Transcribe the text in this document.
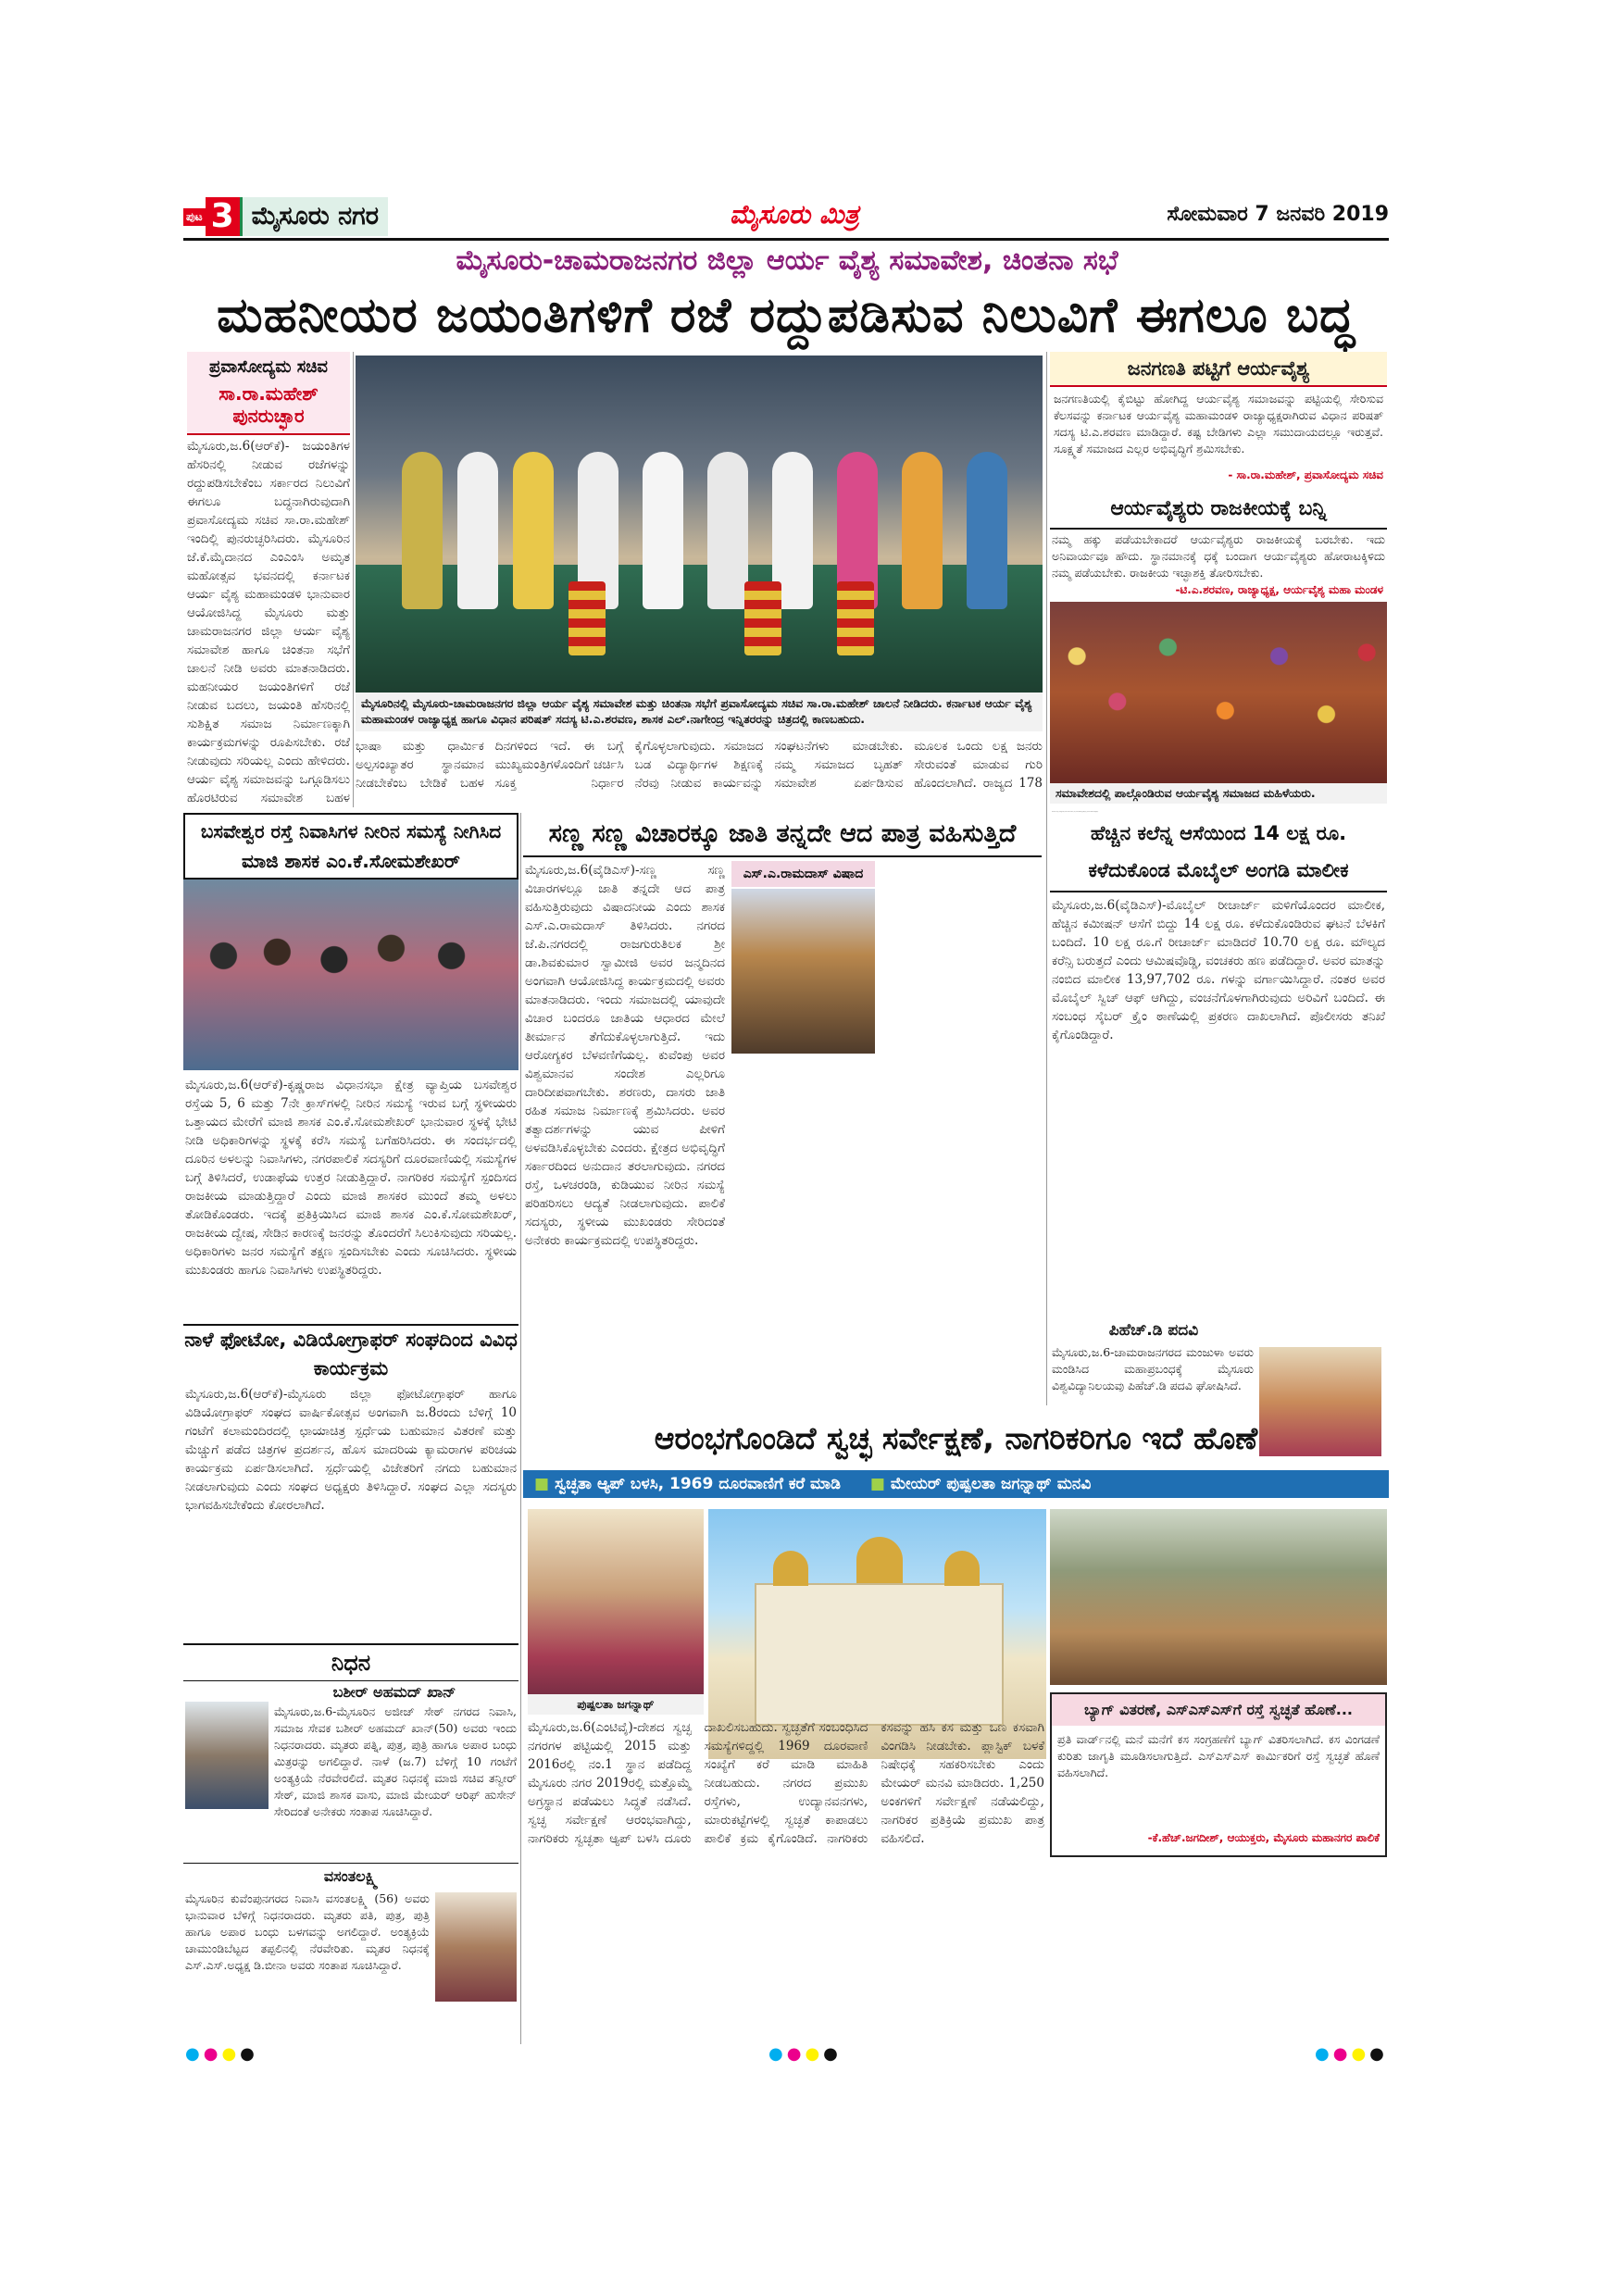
ಪುಟ 3 ಮೈಸೂರು ನಗರ	ಮೈಸೂರು ಮಿತ್ರ	ಸೋಮವಾರ 7 ಜನವರಿ 2019
ಮೈಸೂರು-ಚಾಮರಾಜನಗರ ಜಿಲ್ಲಾ ಆರ್ಯ ವೈಶ್ಯ ಸಮಾವೇಶ, ಚಿಂತನಾ ಸಭೆ
ಮಹನೀಯರ ಜಯಂತಿಗಳಿಗೆ ರಜೆ ರದ್ದುಪಡಿಸುವ ನಿಲುವಿಗೆ ಈಗಲೂ ಬದ್ಧ
ಪ್ರವಾಸೋದ್ಯಮ ಸಚಿವ
ಸಾ.ರಾ.ಮಹೇಶ್ ಪುನರುಚ್ಛಾರ
ಮೈಸೂರು,ಜ.6(ಆರ್‌ಕೆ)- ಜಯಂತಿಗಳ ಹೆಸರಿನಲ್ಲಿ ನೀಡುವ ರಜೆಗಳನ್ನು ರದ್ದುಪಡಿಸಬೇಕೆಂಬ ಸರ್ಕಾರದ ನಿಲುವಿಗೆ ಈಗಲೂ ಬದ್ಧನಾಗಿರುವುದಾಗಿ ಪ್ರವಾಸೋದ್ಯಮ ಸಚಿವ ಸಾ.ರಾ.ಮಹೇಶ್ ಇಂದಿಲ್ಲಿ ಪುನರುಚ್ಛರಿಸಿದರು. ಮೈಸೂರಿನ ಜೆ.ಕೆ.ಮೈದಾನದ ಎಂಎಂಸಿ ಅಮೃತ ಮಹೋತ್ಸವ ಭವನದಲ್ಲಿ ಕರ್ನಾಟಕ ಆರ್ಯ ವೈಶ್ಯ ಮಹಾಮಂಡಳಿ ಭಾನುವಾರ ಆಯೋಜಿಸಿದ್ದ ಮೈಸೂರು ಮತ್ತು ಚಾಮರಾಜನಗರ ಜಿಲ್ಲಾ ಆರ್ಯ ವೈಶ್ಯ ಸಮಾವೇಶ ಹಾಗೂ ಚಿಂತನಾ ಸಭೆಗೆ ಚಾಲನೆ ನೀಡಿ ಅವರು ಮಾತನಾಡಿದರು. ಮಹನೀಯರ ಜಯಂತಿಗಳಿಗೆ ರಜೆ ನೀಡುವ ಬದಲು, ಜಯಂತಿ ಹೆಸರಿನಲ್ಲಿ ಸುಶಿಕ್ಷಿತ ಸಮಾಜ ನಿರ್ಮಾಣಕ್ಕಾಗಿ ಕಾರ್ಯಕ್ರಮಗಳನ್ನು ರೂಪಿಸಬೇಕು. ರಜೆ ನೀಡುವುದು ಸರಿಯಲ್ಲ ಎಂದು ಹೇಳಿದರು. ಆರ್ಯ ವೈಶ್ಯ ಸಮಾಜವನ್ನು ಒಗ್ಗೂಡಿಸಲು ಹೊರಟಿರುವ ಸಮಾವೇಶ ಬಹಳ
ಮೈಸೂರಿನಲ್ಲಿ ಮೈಸೂರು-ಚಾಮರಾಜನಗರ ಜಿಲ್ಲಾ ಆರ್ಯ ವೈಶ್ಯ ಸಮಾವೇಶ ಮತ್ತು ಚಿಂತನಾ ಸಭೆಗೆ ಪ್ರವಾಸೋದ್ಯಮ ಸಚಿವ ಸಾ.ರಾ.ಮಹೇಶ್ ಚಾಲನೆ ನೀಡಿದರು. ಕರ್ನಾಟಕ ಆರ್ಯ ವೈಶ್ಯ ಮಹಾಮಂಡಳ ರಾಜ್ಯಾಧ್ಯಕ್ಷ ಹಾಗೂ ವಿಧಾನ ಪರಿಷತ್ ಸದಸ್ಯ ಟಿ.ಎ.ಶರವಣ, ಶಾಸಕ ಎಲ್.ನಾಗೇಂದ್ರ ಇನ್ನಿತರರನ್ನು ಚಿತ್ರದಲ್ಲಿ ಕಾಣಬಹುದು.
ಭಾಷಾ ಮತ್ತು ಧಾರ್ಮಿಕ ಅಲ್ಪಸಂಖ್ಯಾತರ ಸ್ಥಾನಮಾನ ನೀಡಬೇಕೆಂಬ ಬೇಡಿಕೆ ಬಹಳ ದಿನಗಳಿಂದ ಇದೆ. ಈ ಬಗ್ಗೆ ಮುಖ್ಯಮಂತ್ರಿಗಳೊಂದಿಗೆ ಚರ್ಚಿಸಿ ಸೂಕ್ತ ನಿರ್ಧಾರ ಕೈಗೊಳ್ಳಲಾಗುವುದು. ಸಮಾಜದ ಬಡ ವಿದ್ಯಾರ್ಥಿಗಳ ಶಿಕ್ಷಣಕ್ಕೆ ನೆರವು ನೀಡುವ ಕಾರ್ಯವನ್ನು ಸಂಘಟನೆಗಳು ಮಾಡಬೇಕು. ನಮ್ಮ ಸಮಾಜದ ಬೃಹತ್ ಸಮಾವೇಶ ಏರ್ಪಡಿಸುವ ಮೂಲಕ ಒಂದು ಲಕ್ಷ ಜನರು ಸೇರುವಂತೆ ಮಾಡುವ ಗುರಿ ಹೊಂದಲಾಗಿದೆ. ರಾಜ್ಯದ 178
ಜನಗಣತಿ ಪಟ್ಟಿಗೆ ಆರ್ಯವೈಶ್ಯ
ಜನಗಣತಿಯಲ್ಲಿ ಕೈಬಿಟ್ಟು ಹೋಗಿದ್ದ ಆರ್ಯವೈಶ್ಯ ಸಮಾಜವನ್ನು ಪಟ್ಟಿಯಲ್ಲಿ ಸೇರಿಸುವ ಕೆಲಸವನ್ನು ಕರ್ನಾಟಕ ಆರ್ಯವೈಶ್ಯ ಮಹಾಮಂಡಳಿ ರಾಜ್ಯಾಧ್ಯಕ್ಷರಾಗಿರುವ ವಿಧಾನ ಪರಿಷತ್ ಸದಸ್ಯ ಟಿ.ಎ.ಶರವಣ ಮಾಡಿದ್ದಾರೆ. ಕಷ್ಟ ಬೇಡಿಗಳು ಎಲ್ಲಾ ಸಮುದಾಯದಲ್ಲೂ ಇರುತ್ತವೆ. ಸೂಕ್ಷ್ಮತೆ ಸಮಾಜದ ಎಲ್ಲರ ಅಭಿವೃದ್ಧಿಗೆ ಶ್ರಮಿಸಬೇಕು.
- ಸಾ.ರಾ.ಮಹೇಶ್, ಪ್ರವಾಸೋದ್ಯಮ ಸಚಿವ
ಆರ್ಯವೈಶ್ಯರು ರಾಜಕೀಯಕ್ಕೆ ಬನ್ನಿ
ನಮ್ಮ ಹಕ್ಕು ಪಡೆಯಬೇಕಾದರೆ ಆರ್ಯವೈಶ್ಯರು ರಾಜಕೀಯಕ್ಕೆ ಬರಬೇಕು. ಇದು ಅನಿವಾರ್ಯವೂ ಹೌದು. ಸ್ಥಾನಮಾನಕ್ಕೆ ಧಕ್ಕೆ ಬಂದಾಗ ಆರ್ಯವೈಶ್ಯರು ಹೋರಾಟಕ್ಕಿಳಿದು ನಮ್ಮ ಪಡೆಯಬೇಕು. ರಾಜಕೀಯ ಇಚ್ಛಾಶಕ್ತಿ ತೋರಿಸಬೇಕು.
-ಟಿ.ಎ.ಶರವಣ, ರಾಜ್ಯಾಧ್ಯಕ್ಷ, ಆರ್ಯವೈಶ್ಯ ಮಹಾ ಮಂಡಳ
ಸಮಾವೇಶದಲ್ಲಿ ಪಾಲ್ಗೊಂಡಿರುವ ಆರ್ಯವೈಶ್ಯ ಸಮಾಜದ ಮಹಿಳೆಯರು.
ಕಾರ್ಯದರ್ಶಿ ರವೀಂದ್ರ, ಉಪಾಧ್ಯಕ್ಷ ಗಣೇಶ್, ಸಂಚಾಲಕ ಎಸ್.ವಿ.ಶೇಷಗಿರಿ, ರಾಜ್ಯ ಮಹಿಳಾ ಘಟಕದ ಅಧ್ಯಕ್ಷೆ ಪದ್ಮಾವತಿ, ಶ್ರೀಧರ್ ಮುಂತಾದವರು ಉಪಸ್ಥಿತರಿದ್ದರು.
ಬಸವೇಶ್ವರ ರಸ್ತೆ ನಿವಾಸಿಗಳ ನೀರಿನ ಸಮಸ್ಯೆ ನೀಗಿಸಿದ ಮಾಜಿ ಶಾಸಕ ಎಂ.ಕೆ.ಸೋಮಶೇಖರ್
ಮೈಸೂರು,ಜ.6(ಆರ್‌ಕೆ)-ಕೃಷ್ಣರಾಜ ವಿಧಾನಸಭಾ ಕ್ಷೇತ್ರ ವ್ಯಾಪ್ತಿಯ ಬಸವೇಶ್ವರ ರಸ್ತೆಯ 5, 6 ಮತ್ತು 7ನೇ ಕ್ರಾಸ್‌ಗಳಲ್ಲಿ ನೀರಿನ ಸಮಸ್ಯೆ ಇರುವ ಬಗ್ಗೆ ಸ್ಥಳೀಯರು ಒತ್ತಾಯದ ಮೇರೆಗೆ ಮಾಜಿ ಶಾಸಕ ಎಂ.ಕೆ.ಸೋಮಶೇಖರ್ ಭಾನುವಾರ ಸ್ಥಳಕ್ಕೆ ಭೇಟಿ ನೀಡಿ ಅಧಿಕಾರಿಗಳನ್ನು ಸ್ಥಳಕ್ಕೆ ಕರೆಸಿ ಸಮಸ್ಯೆ ಬಗೆಹರಿಸಿದರು. ಈ ಸಂದರ್ಭದಲ್ಲಿ ದೂರಿನ ಅಳಲನ್ನು ನಿವಾಸಿಗಳು, ನಗರಪಾಲಿಕೆ ಸದಸ್ಯರಿಗೆ ದೂರವಾಣಿಯಲ್ಲಿ ಸಮಸ್ಯೆಗಳ ಬಗ್ಗೆ ತಿಳಿಸಿದರೆ, ಉಡಾಫೆಯ ಉತ್ತರ ನೀಡುತ್ತಿದ್ದಾರೆ. ನಾಗರಿಕರ ಸಮಸ್ಯೆಗೆ ಸ್ಪಂದಿಸದ ರಾಜಕೀಯ ಮಾಡುತ್ತಿದ್ದಾರೆ ಎಂದು ಮಾಜಿ ಶಾಸಕರ ಮುಂದೆ ತಮ್ಮ ಅಳಲು ತೋಡಿಕೊಂಡರು. ಇದಕ್ಕೆ ಪ್ರತಿಕ್ರಿಯಿಸಿದ ಮಾಜಿ ಶಾಸಕ ಎಂ.ಕೆ.ಸೋಮಶೇಖರ್, ರಾಜಕೀಯ ದ್ವೇಷ, ಸೇಡಿನ ಕಾರಣಕ್ಕೆ ಜನರನ್ನು ತೊಂದರೆಗೆ ಸಿಲುಕಿಸುವುದು ಸರಿಯಲ್ಲ. ಅಧಿಕಾರಿಗಳು ಜನರ ಸಮಸ್ಯೆಗೆ ತಕ್ಷಣ ಸ್ಪಂದಿಸಬೇಕು ಎಂದು ಸೂಚಿಸಿದರು. ಸ್ಥಳೀಯ ಮುಖಂಡರು ಹಾಗೂ ನಿವಾಸಿಗಳು ಉಪಸ್ಥಿತರಿದ್ದರು.
ನಾಳೆ ಫೋಟೋ, ವಿಡಿಯೋಗ್ರಾಫರ್ ಸಂಘದಿಂದ ವಿವಿಧ ಕಾರ್ಯಕ್ರಮ
ಮೈಸೂರು,ಜ.6(ಆರ್‌ಕೆ)-ಮೈಸೂರು ಜಿಲ್ಲಾ ಫೋಟೋಗ್ರಾಫರ್ ಹಾಗೂ ವಿಡಿಯೋಗ್ರಾಫರ್ ಸಂಘದ ವಾರ್ಷಿಕೋತ್ಸವ ಅಂಗವಾಗಿ ಜ.8ರಂದು ಬೆಳಿಗ್ಗೆ 10 ಗಂಟೆಗೆ ಕಲಾಮಂದಿರದಲ್ಲಿ ಛಾಯಾಚಿತ್ರ ಸ್ಪರ್ಧೆಯ ಬಹುಮಾನ ವಿತರಣೆ ಮತ್ತು ಮೆಚ್ಚುಗೆ ಪಡೆದ ಚಿತ್ರಗಳ ಪ್ರದರ್ಶನ, ಹೊಸ ಮಾದರಿಯ ಕ್ಯಾಮರಾಗಳ ಪರಿಚಯ ಕಾರ್ಯಕ್ರಮ ಏರ್ಪಡಿಸಲಾಗಿದೆ. ಸ್ಪರ್ಧೆಯಲ್ಲಿ ವಿಜೇತರಿಗೆ ನಗದು ಬಹುಮಾನ ನೀಡಲಾಗುವುದು ಎಂದು ಸಂಘದ ಅಧ್ಯಕ್ಷರು ತಿಳಿಸಿದ್ದಾರೆ. ಸಂಘದ ಎಲ್ಲಾ ಸದಸ್ಯರು ಭಾಗವಹಿಸಬೇಕೆಂದು ಕೋರಲಾಗಿದೆ.
ಸಣ್ಣ ಸಣ್ಣ ವಿಚಾರಕ್ಕೂ ಜಾತಿ ತನ್ನದೇ ಆದ ಪಾತ್ರ ವಹಿಸುತ್ತಿದೆ
ಮೈಸೂರು,ಜ.6(ವೈಡಿಎಸ್)-ಸಣ್ಣ ಸಣ್ಣ ವಿಚಾರಗಳಲ್ಲೂ ಜಾತಿ ತನ್ನದೇ ಆದ ಪಾತ್ರ ವಹಿಸುತ್ತಿರುವುದು ವಿಷಾದನೀಯ ಎಂದು ಶಾಸಕ ಎಸ್.ಎ.ರಾಮದಾಸ್ ತಿಳಿಸಿದರು. ನಗರದ ಜೆ.ಪಿ.ನಗರದಲ್ಲಿ ರಾಜಗುರುತಿಲಕ ಶ್ರೀ ಡಾ.ಶಿವಕುಮಾರ ಸ್ವಾಮೀಜಿ ಅವರ ಜನ್ಮದಿನದ ಅಂಗವಾಗಿ ಆಯೋಜಿಸಿದ್ದ ಕಾರ್ಯಕ್ರಮದಲ್ಲಿ ಅವರು ಮಾತನಾಡಿದರು. ಇಂದು ಸಮಾಜದಲ್ಲಿ ಯಾವುದೇ ವಿಚಾರ ಬಂದರೂ ಜಾತಿಯ ಆಧಾರದ ಮೇಲೆ ತೀರ್ಮಾನ ತೆಗೆದುಕೊಳ್ಳಲಾಗುತ್ತಿದೆ. ಇದು ಆರೋಗ್ಯಕರ ಬೆಳವಣಿಗೆಯಲ್ಲ. ಕುವೆಂಪು ಅವರ ವಿಶ್ವಮಾನವ ಸಂದೇಶ ಎಲ್ಲರಿಗೂ ದಾರಿದೀಪವಾಗಬೇಕು. ಶರಣರು, ದಾಸರು ಜಾತಿ ರಹಿತ ಸಮಾಜ ನಿರ್ಮಾಣಕ್ಕೆ ಶ್ರಮಿಸಿದರು. ಅವರ ತತ್ವಾದರ್ಶಗಳನ್ನು ಯುವ ಪೀಳಿಗೆ ಅಳವಡಿಸಿಕೊಳ್ಳಬೇಕು ಎಂದರು. ಕ್ಷೇತ್ರದ ಅಭಿವೃದ್ಧಿಗೆ ಸರ್ಕಾರದಿಂದ ಅನುದಾನ ತರಲಾಗುವುದು. ನಗರದ ರಸ್ತೆ, ಒಳಚರಂಡಿ, ಕುಡಿಯುವ ನೀರಿನ ಸಮಸ್ಯೆ ಪರಿಹರಿಸಲು ಆದ್ಯತೆ ನೀಡಲಾಗುವುದು. ಪಾಲಿಕೆ ಸದಸ್ಯರು, ಸ್ಥಳೀಯ ಮುಖಂಡರು ಸೇರಿದಂತೆ ಅನೇಕರು ಕಾರ್ಯಕ್ರಮದಲ್ಲಿ ಉಪಸ್ಥಿತರಿದ್ದರು.
ಎಸ್.ಎ.ರಾಮದಾಸ್ ವಿಷಾದ
ಹೆಚ್ಚಿನ ಕಲೆನ್ನ ಆಸೆಯಿಂದ 14 ಲಕ್ಷ ರೂ. ಕಳೆದುಕೊಂಡ ಮೊಬೈಲ್ ಅಂಗಡಿ ಮಾಲೀಕ
ಮೈಸೂರು,ಜ.6(ವೈಡಿಎಸ್)-ಮೊಬೈಲ್ ರೀಚಾರ್ಜ್ ಮಳಿಗೆಯೊಂದರ ಮಾಲೀಕ, ಹೆಚ್ಚಿನ ಕಮೀಷನ್ ಆಸೆಗೆ ಬಿದ್ದು 14 ಲಕ್ಷ ರೂ. ಕಳೆದುಕೊಂಡಿರುವ ಘಟನೆ ಬೆಳಕಿಗೆ ಬಂದಿದೆ. 10 ಲಕ್ಷ ರೂ.ಗೆ ರೀಚಾರ್ಜ್ ಮಾಡಿದರೆ 10.70 ಲಕ್ಷ ರೂ. ಮೌಲ್ಯದ ಕರೆನ್ಸಿ ಬರುತ್ತದೆ ಎಂದು ಆಮಿಷವೊಡ್ಡಿ, ವಂಚಕರು ಹಣ ಪಡೆದಿದ್ದಾರೆ. ಅವರ ಮಾತನ್ನು ನಂಬಿದ ಮಾಲೀಕ 13,97,702 ರೂ. ಗಳನ್ನು ವರ್ಗಾಯಿಸಿದ್ದಾರೆ. ನಂತರ ಅವರ ಮೊಬೈಲ್ ಸ್ವಿಚ್ ಆಫ್ ಆಗಿದ್ದು, ವಂಚನೆಗೊಳಗಾಗಿರುವುದು ಅರಿವಿಗೆ ಬಂದಿದೆ. ಈ ಸಂಬಂಧ ಸೈಬರ್ ಕ್ರೈಂ ಠಾಣೆಯಲ್ಲಿ ಪ್ರಕರಣ ದಾಖಲಾಗಿದೆ. ಪೊಲೀಸರು ತನಿಖೆ ಕೈಗೊಂಡಿದ್ದಾರೆ.
ಪಿಹೆಚ್.ಡಿ ಪದವಿ
ಮೈಸೂರು,ಜ.6-ಚಾಮರಾಜನಗರದ ಮಂಜುಳಾ ಅವರು ಮಂಡಿಸಿದ ಮಹಾಪ್ರಬಂಧಕ್ಕೆ ಮೈಸೂರು ವಿಶ್ವವಿದ್ಯಾನಿಲಯವು ಪಿಹೆಚ್.ಡಿ ಪದವಿ ಘೋಷಿಸಿದೆ.
ಆರಂಭಗೊಂಡಿದೆ ಸ್ವಚ್ಛ ಸರ್ವೇಕ್ಷಣೆ, ನಾಗರಿಕರಿಗೂ ಇದೆ ಹೊಣೆ
■ ಸ್ವಚ್ಛತಾ ಆ್ಯಪ್ ಬಳಸಿ, 1969 ದೂರವಾಣಿಗೆ ಕರೆ ಮಾಡಿ ■ ಮೇಯರ್ ಪುಷ್ಪಲತಾ ಜಗನ್ನಾಥ್ ಮನವಿ
ಪುಷ್ಪಲತಾ ಜಗನ್ನಾಥ್
ಮೈಸೂರು,ಜ.6(ಎಂಟಿವೈ)-ದೇಶದ ಸ್ವಚ್ಛ ನಗರಗಳ ಪಟ್ಟಿಯಲ್ಲಿ 2015 ಮತ್ತು 2016ರಲ್ಲಿ ನಂ.1 ಸ್ಥಾನ ಪಡೆದಿದ್ದ ಮೈಸೂರು ನಗರ 2019ರಲ್ಲಿ ಮತ್ತೊಮ್ಮೆ ಅಗ್ರಸ್ಥಾನ ಪಡೆಯಲು ಸಿದ್ಧತೆ ನಡೆಸಿದೆ. ಸ್ವಚ್ಛ ಸರ್ವೇಕ್ಷಣೆ ಆರಂಭವಾಗಿದ್ದು, ನಾಗರಿಕರು ಸ್ವಚ್ಛತಾ ಆ್ಯಪ್ ಬಳಸಿ ದೂರು ದಾಖಲಿಸಬಹುದು. ಸ್ವಚ್ಛತೆಗೆ ಸಂಬಂಧಿಸಿದ ಸಮಸ್ಯೆಗಳಿದ್ದಲ್ಲಿ 1969 ದೂರವಾಣಿ ಸಂಖ್ಯೆಗೆ ಕರೆ ಮಾಡಿ ಮಾಹಿತಿ ನೀಡಬಹುದು. ನಗರದ ಪ್ರಮುಖ ರಸ್ತೆಗಳು, ಉದ್ಯಾನವನಗಳು, ಮಾರುಕಟ್ಟೆಗಳಲ್ಲಿ ಸ್ವಚ್ಛತೆ ಕಾಪಾಡಲು ಪಾಲಿಕೆ ಕ್ರಮ ಕೈಗೊಂಡಿದೆ. ನಾಗರಿಕರು ಕಸವನ್ನು ಹಸಿ ಕಸ ಮತ್ತು ಒಣ ಕಸವಾಗಿ ವಿಂಗಡಿಸಿ ನೀಡಬೇಕು. ಪ್ಲಾಸ್ಟಿಕ್ ಬಳಕೆ ನಿಷೇಧಕ್ಕೆ ಸಹಕರಿಸಬೇಕು ಎಂದು ಮೇಯರ್ ಮನವಿ ಮಾಡಿದರು. 1,250 ಅಂಕಗಳಿಗೆ ಸರ್ವೇಕ್ಷಣೆ ನಡೆಯಲಿದ್ದು, ನಾಗರಿಕರ ಪ್ರತಿಕ್ರಿಯೆ ಪ್ರಮುಖ ಪಾತ್ರ ವಹಿಸಲಿದೆ.
ಬ್ಯಾಗ್ ವಿತರಣೆ, ಎಸ್‌ಎಸ್‌ಎಸ್‌ಗೆ ರಸ್ತೆ ಸ್ವಚ್ಛತೆ ಹೊಣೆ...
ಪ್ರತಿ ವಾರ್ಡ್‌ನಲ್ಲಿ ಮನೆ ಮನೆಗೆ ಕಸ ಸಂಗ್ರಹಣೆಗೆ ಬ್ಯಾಗ್ ವಿತರಿಸಲಾಗಿದೆ. ಕಸ ವಿಂಗಡಣೆ ಕುರಿತು ಜಾಗೃತಿ ಮೂಡಿಸಲಾಗುತ್ತಿದೆ. ಎಸ್‌ಎಸ್‌ಎಸ್ ಕಾರ್ಮಿಕರಿಗೆ ರಸ್ತೆ ಸ್ವಚ್ಛತೆ ಹೊಣೆ ವಹಿಸಲಾಗಿದೆ.
-ಕೆ.ಹೆಚ್.ಜಗದೀಶ್, ಆಯುಕ್ತರು, ಮೈಸೂರು ಮಹಾನಗರ ಪಾಲಿಕೆ
ನಿಧನ
ಬಶೀರ್ ಅಹಮದ್ ಖಾನ್
ಮೈಸೂರು,ಜ.6-ಮೈಸೂರಿನ ಅಜೀಜ್ ಸೇಠ್ ನಗರದ ನಿವಾಸಿ, ಸಮಾಜ ಸೇವಕ ಬಶೀರ್ ಅಹಮದ್ ಖಾನ್(50) ಅವರು ಇಂದು ನಿಧನರಾದರು. ಮೃತರು ಪತ್ನಿ, ಪುತ್ರ, ಪುತ್ರಿ ಹಾಗೂ ಅಪಾರ ಬಂಧು ಮಿತ್ರರನ್ನು ಅಗಲಿದ್ದಾರೆ. ನಾಳೆ (ಜ.7) ಬೆಳಿಗ್ಗೆ 10 ಗಂಟೆಗೆ ಅಂತ್ಯಕ್ರಿಯೆ ನೆರವೇರಲಿದೆ. ಮೃತರ ನಿಧನಕ್ಕೆ ಮಾಜಿ ಸಚಿವ ತನ್ವೀರ್ ಸೇಠ್, ಮಾಜಿ ಶಾಸಕ ವಾಸು, ಮಾಜಿ ಮೇಯರ್ ಆರಿಫ್ ಹುಸೇನ್ ಸೇರಿದಂತೆ ಅನೇಕರು ಸಂತಾಪ ಸೂಚಿಸಿದ್ದಾರೆ.
ವಸಂತಲಕ್ಷ್ಮಿ
ಮೈಸೂರಿನ ಕುವೆಂಪುನಗರದ ನಿವಾಸಿ ವಸಂತಲಕ್ಷ್ಮಿ (56) ಅವರು ಭಾನುವಾರ ಬೆಳಿಗ್ಗೆ ನಿಧನರಾದರು. ಮೃತರು ಪತಿ, ಪುತ್ರ, ಪುತ್ರಿ ಹಾಗೂ ಅಪಾರ ಬಂಧು ಬಳಗವನ್ನು ಅಗಲಿದ್ದಾರೆ. ಅಂತ್ಯಕ್ರಿಯೆ ಚಾಮುಂಡಿಬೆಟ್ಟದ ತಪ್ಪಲಿನಲ್ಲಿ ನೆರವೇರಿತು. ಮೃತರ ನಿಧನಕ್ಕೆ ಎಸ್.ಎಸ್.ಅಧ್ಯಕ್ಷ ಡಿ.ಬೀನಾ ಅವರು ಸಂತಾಪ ಸೂಚಿಸಿದ್ದಾರೆ.
●●●●	●●●●	●●●●
